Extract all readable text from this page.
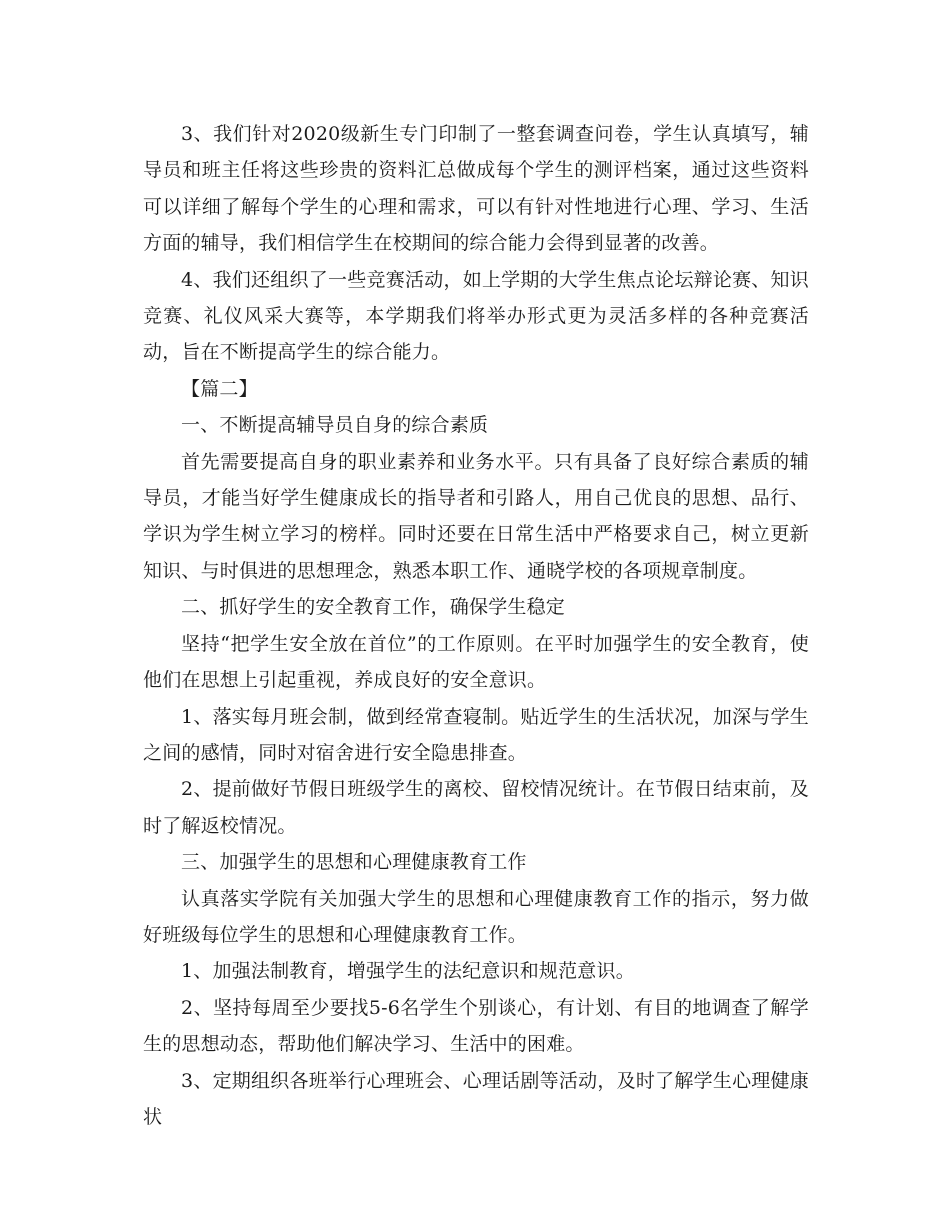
3、我们针对2020级新生专门印制了一整套调查问卷，学生认真填写，辅导员和班主任将这些珍贵的资料汇总做成每个学生的测评档案，通过这些资料可以详细了解每个学生的心理和需求，可以有针对性地进行心理、学习、生活方面的辅导，我们相信学生在校期间的综合能力会得到显著的改善。

4、我们还组织了一些竞赛活动，如上学期的大学生焦点论坛辩论赛、知识竞赛、礼仪风采大赛等，本学期我们将举办形式更为灵活多样的各种竞赛活动，旨在不断提高学生的综合能力。

【篇二】

一、不断提高辅导员自身的综合素质

首先需要提高自身的职业素养和业务水平。只有具备了良好综合素质的辅导员，才能当好学生健康成长的指导者和引路人，用自己优良的思想、品行、学识为学生树立学习的榜样。同时还要在日常生活中严格要求自己，树立更新知识、与时俱进的思想理念，熟悉本职工作、通晓学校的各项规章制度。

二、抓好学生的安全教育工作，确保学生稳定

坚持“把学生安全放在首位”的工作原则。在平时加强学生的安全教育，使他们在思想上引起重视，养成良好的安全意识。

1、落实每月班会制，做到经常查寝制。贴近学生的生活状况，加深与学生之间的感情，同时对宿舍进行安全隐患排查。

2、提前做好节假日班级学生的离校、留校情况统计。在节假日结束前，及时了解返校情况。

三、加强学生的思想和心理健康教育工作

认真落实学院有关加强大学生的思想和心理健康教育工作的指示，努力做好班级每位学生的思想和心理健康教育工作。

1、加强法制教育，增强学生的法纪意识和规范意识。

2、坚持每周至少要找5-6名学生个别谈心，有计划、有目的地调查了解学生的思想动态，帮助他们解决学习、生活中的困难。

3、定期组织各班举行心理班会、心理话剧等活动，及时了解学生心理健康状
